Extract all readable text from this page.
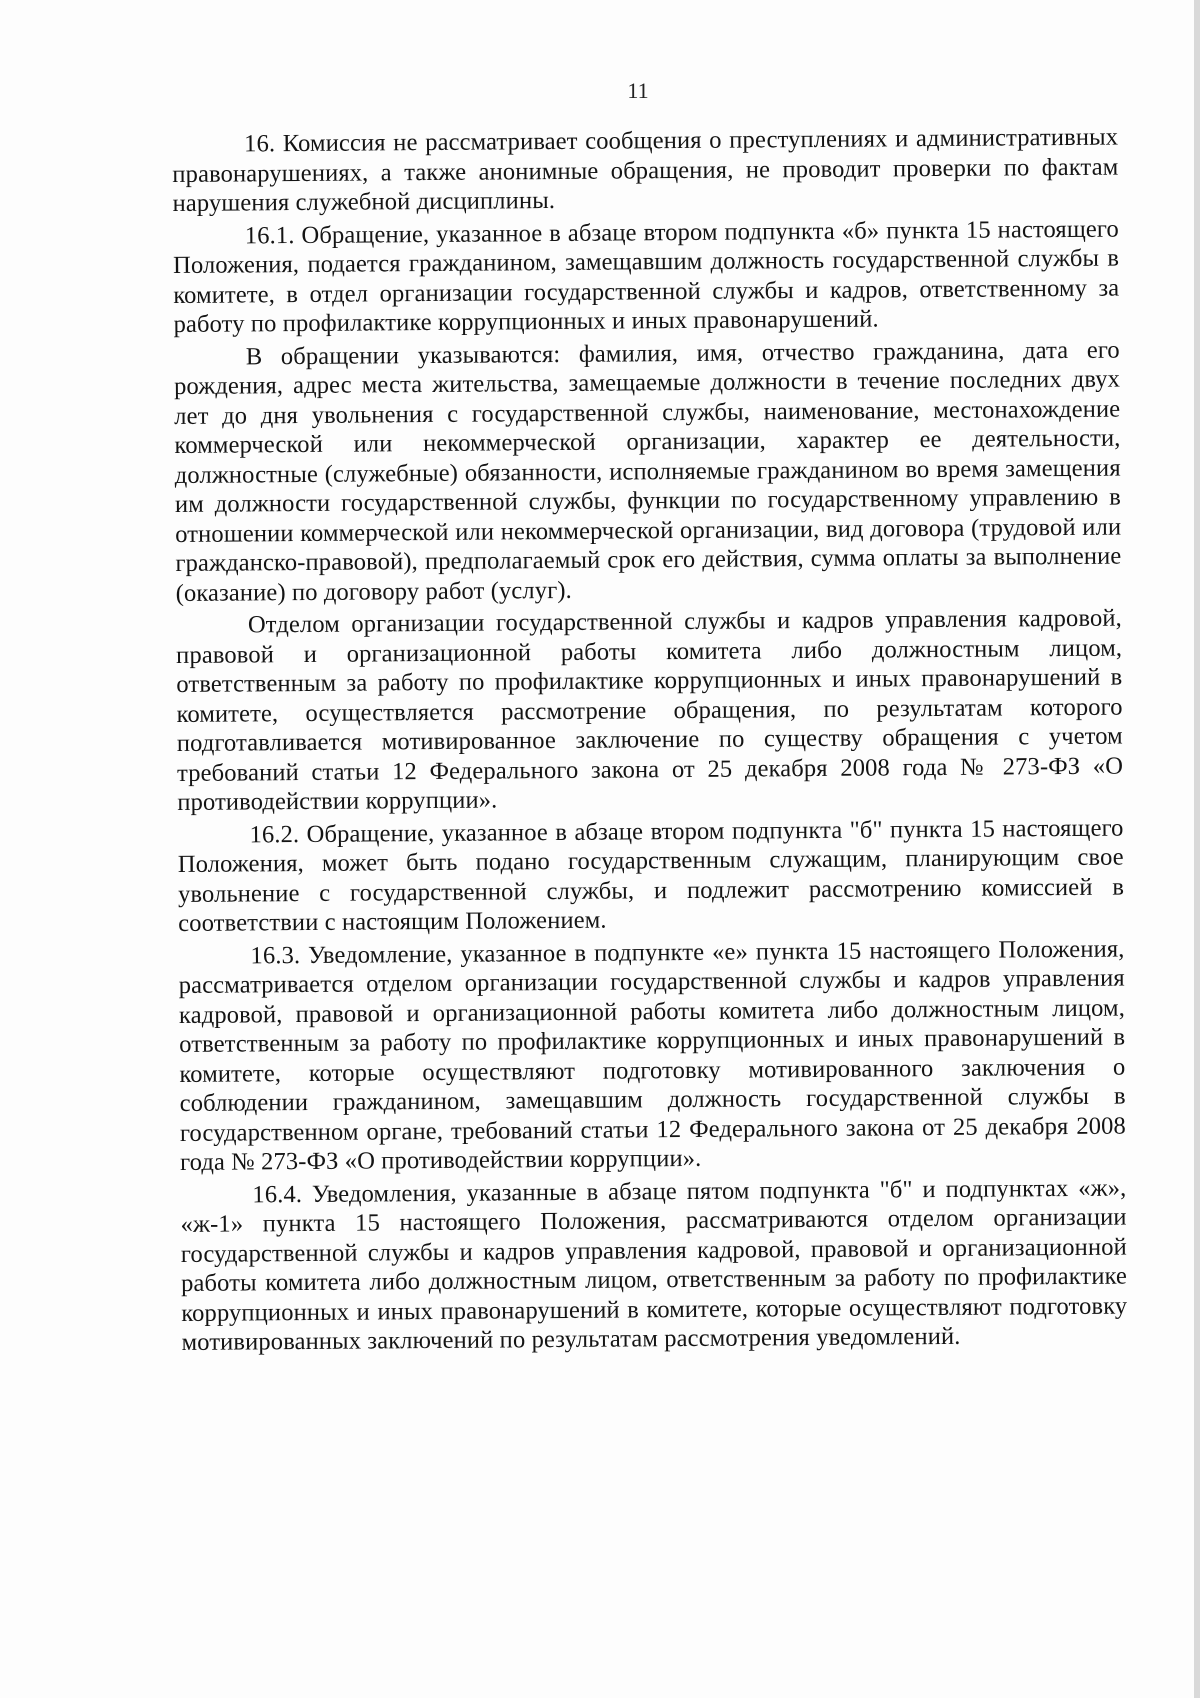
11

16. Комиссия не рассматривает сообщения о преступлениях и административных правонарушениях, а также анонимные обращения, не проводит проверки по фактам нарушения служебной дисциплины.

16.1. Обращение, указанное в абзаце втором подпункта «б» пункта 15 настоящего Положения, подается гражданином, замещавшим должность государственной службы в комитете, в отдел организации государственной службы и кадров, ответственному за работу по профилактике коррупционных и иных правонарушений.

В обращении указываются: фамилия, имя, отчество гражданина, дата его рождения, адрес места жительства, замещаемые должности в течение последних двух лет до дня увольнения с государственной службы, наименование, местонахождение коммерческой или некоммерческой организации, характер ее деятельности, должностные (служебные) обязанности, исполняемые гражданином во время замещения им должности государственной службы, функции по государственному управлению в отношении коммерческой или некоммерческой организации, вид договора (трудовой или гражданско-правовой), предполагаемый срок его действия, сумма оплаты за выполнение (оказание) по договору работ (услуг).

Отделом организации государственной службы и кадров управления кадровой, правовой и организационной работы комитета либо должностным лицом, ответственным за работу по профилактике коррупционных и иных правонарушений в комитете, осуществляется рассмотрение обращения, по результатам которого подготавливается мотивированное заключение по существу обращения с учетом требований статьи 12 Федерального закона от 25 декабря 2008 года № 273-ФЗ «О противодействии коррупции».

16.2. Обращение, указанное в абзаце втором подпункта "б" пункта 15 настоящего Положения, может быть подано государственным служащим, планирующим свое увольнение с государственной службы, и подлежит рассмотрению комиссией в соответствии с настоящим Положением.

16.3. Уведомление, указанное в подпункте «е» пункта 15 настоящего Положения, рассматривается отделом организации государственной службы и кадров управления кадровой, правовой и организационной работы комитета либо должностным лицом, ответственным за работу по профилактике коррупционных и иных правонарушений в комитете, которые осуществляют подготовку мотивированного заключения о соблюдении гражданином, замещавшим должность государственной службы в государственном органе, требований статьи 12 Федерального закона от 25 декабря 2008 года № 273-ФЗ «О противодействии коррупции».

16.4. Уведомления, указанные в абзаце пятом подпункта "б" и подпунктах «ж», «ж-1» пункта 15 настоящего Положения, рассматриваются отделом организации государственной службы и кадров управления кадровой, правовой и организационной работы комитета либо должностным лицом, ответственным за работу по профилактике коррупционных и иных правонарушений в комитете, которые осуществляют подготовку мотивированных заключений по результатам рассмотрения уведомлений.
